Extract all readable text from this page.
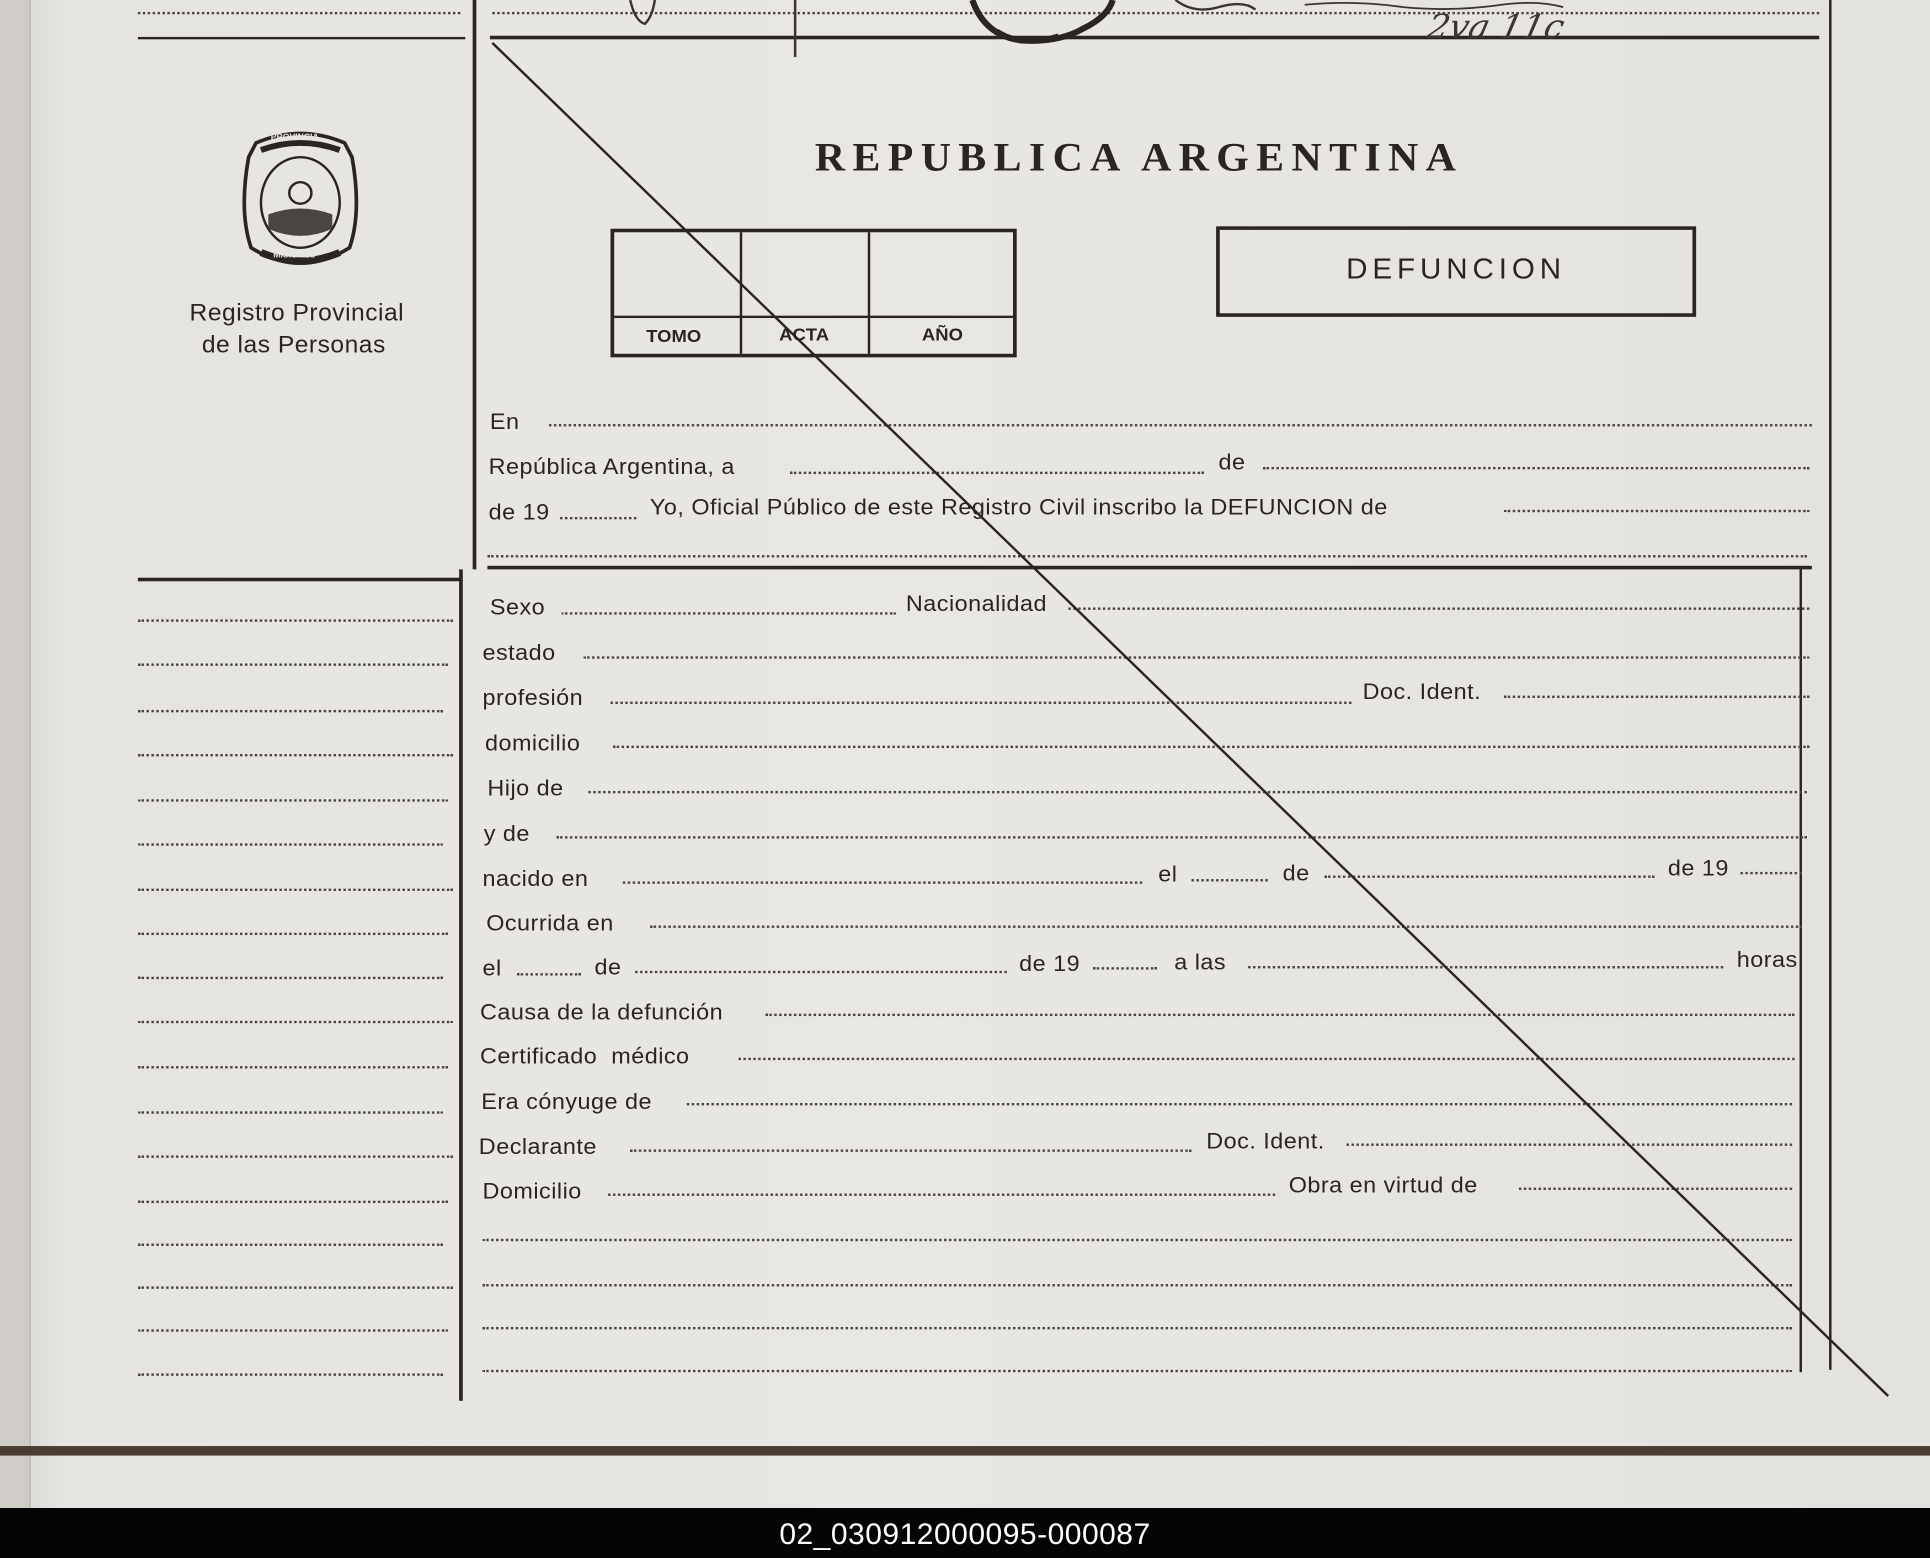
PROVINCIA
MISIONES
Registro Provincial
de las Personas
REPUBLICA ARGENTINA
TOMO	ACTA	AÑO
DEFUNCION
En
República Argentina, a	de
de 19	Yo, Oficial Público de este Registro Civil inscribo la DEFUNCION de
Sexo	Nacionalidad
estado
profesión	Doc. Ident.
domicilio
Hijo de
y de
nacido en	el	de	de 19
Ocurrida en
el	de	de 19	a las	horas
Causa de la defunción
Certificado  médico
Era cónyuge de
Declarante	Doc. Ident.
Domicilio	Obra en virtud de
2va 11c
02_030912000095-000087
